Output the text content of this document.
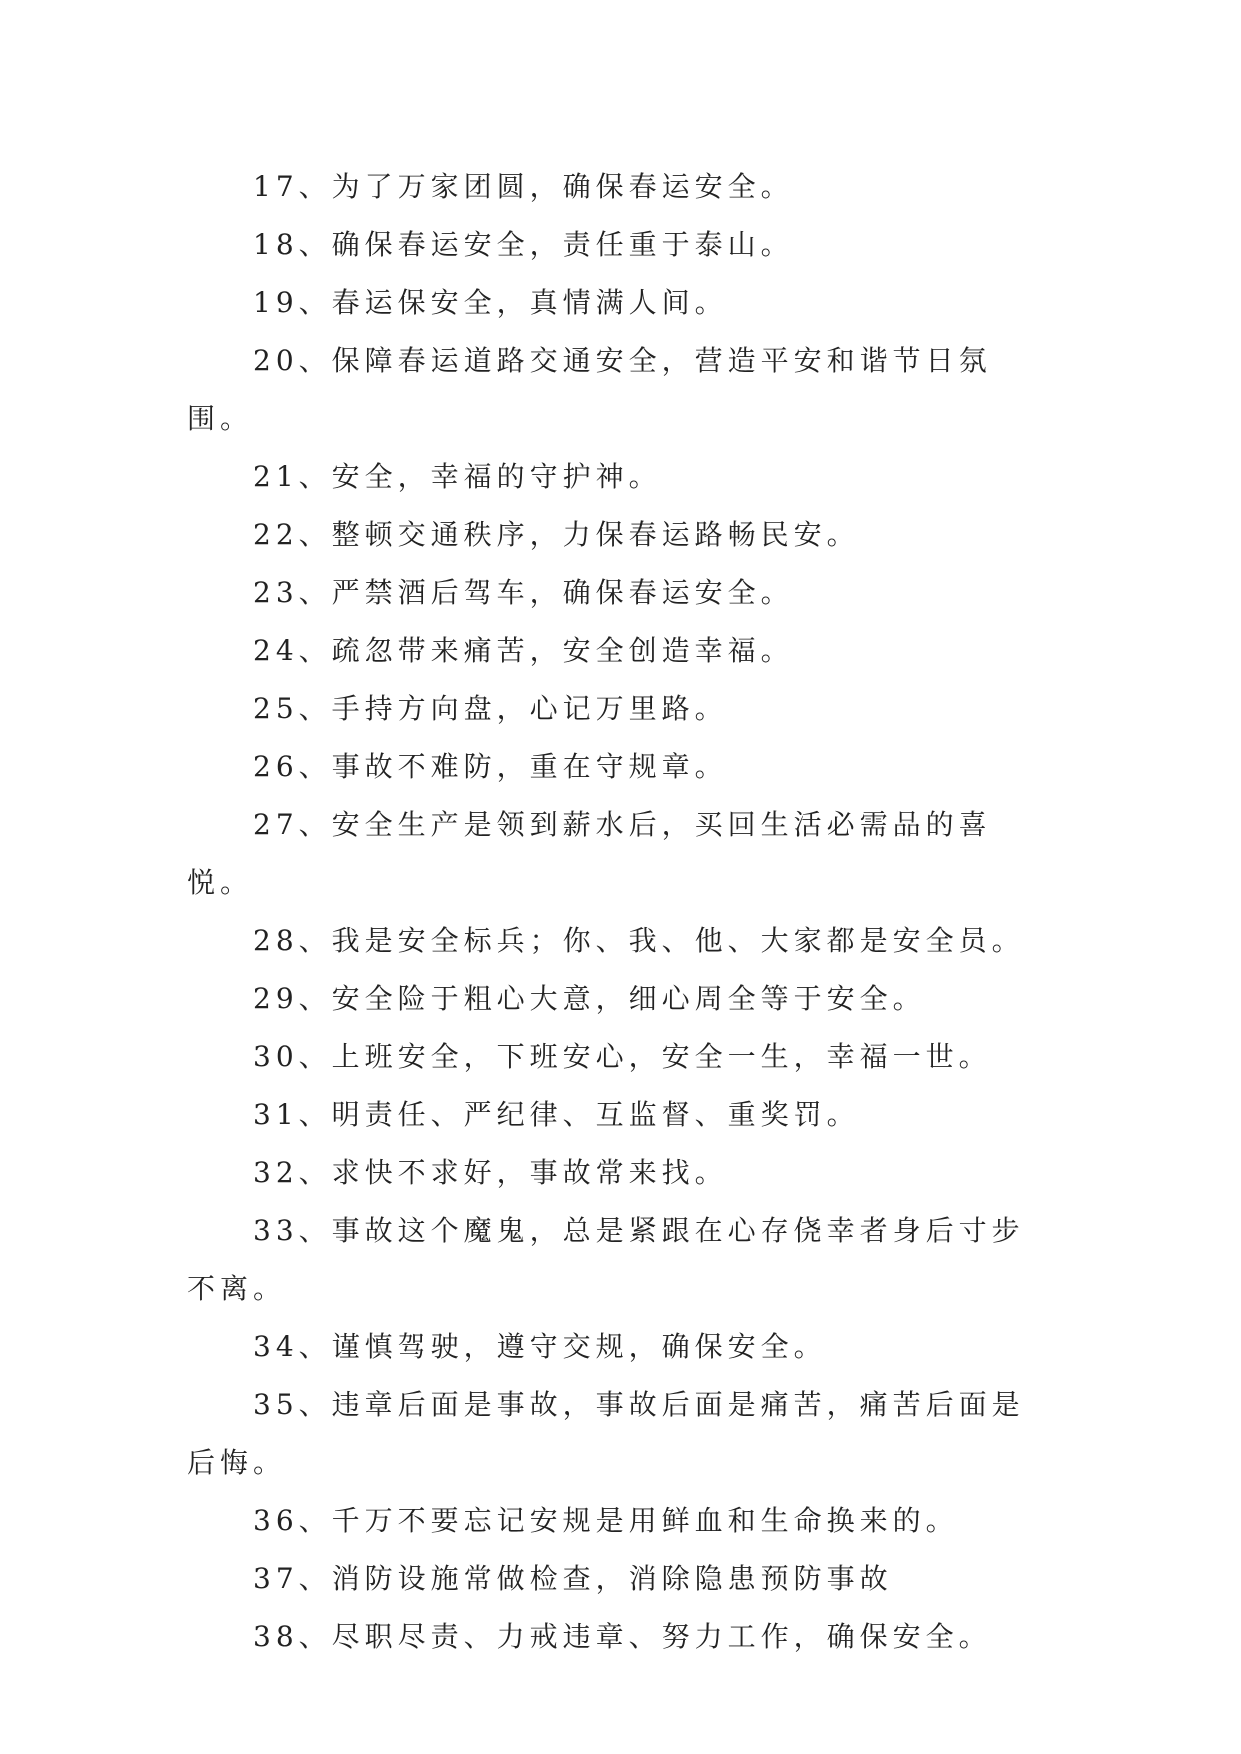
17、为了万家团圆，确保春运安全。

18、确保春运安全，责任重于泰山。

19、春运保安全，真情满人间。

20、保障春运道路交通安全，营造平安和谐节日氛围。

21、安全，幸福的守护神。

22、整顿交通秩序，力保春运路畅民安。

23、严禁酒后驾车，确保春运安全。

24、疏忽带来痛苦，安全创造幸福。

25、手持方向盘，心记万里路。

26、事故不难防，重在守规章。

27、安全生产是领到薪水后，买回生活必需品的喜悦。

28、我是安全标兵；你、我、他、大家都是安全员。

29、安全险于粗心大意，细心周全等于安全。

30、上班安全，下班安心，安全一生，幸福一世。

31、明责任、严纪律、互监督、重奖罚。

32、求快不求好，事故常来找。

33、事故这个魔鬼，总是紧跟在心存侥幸者身后寸步不离。

34、谨慎驾驶，遵守交规，确保安全。

35、违章后面是事故，事故后面是痛苦，痛苦后面是后悔。

36、千万不要忘记安规是用鲜血和生命换来的。

37、消防设施常做检查，消除隐患预防事故

38、尽职尽责、力戒违章、努力工作，确保安全。
